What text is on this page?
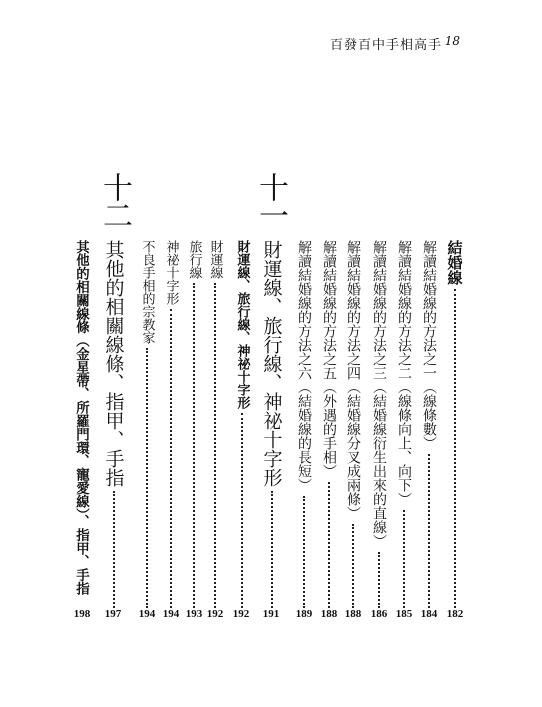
百發百中手相高手 18
十一
十二
結婚線
182
解讀結婚線的方法之一（線條數）
184
解讀結婚線的方法之二（線條向上、向下）
185
解讀結婚線的方法之三（結婚線衍生出來的直線）
186
解讀結婚線的方法之四（結婚線分叉成兩條）
188
解讀結婚線的方法之五（外遇的手相）
188
解讀結婚線的方法之六（結婚線的長短）
189
財運線、旅行線、神祕十字形
191
財運線、旅行線、神祕十字形
192
財運線
192
旅行線
193
神祕十字形
194
不良手相的宗教家
194
其他的相關線條、指甲、手指
197
其他的相關線條（金星帶、所羅門環、寵愛線）、指甲、手指
198
